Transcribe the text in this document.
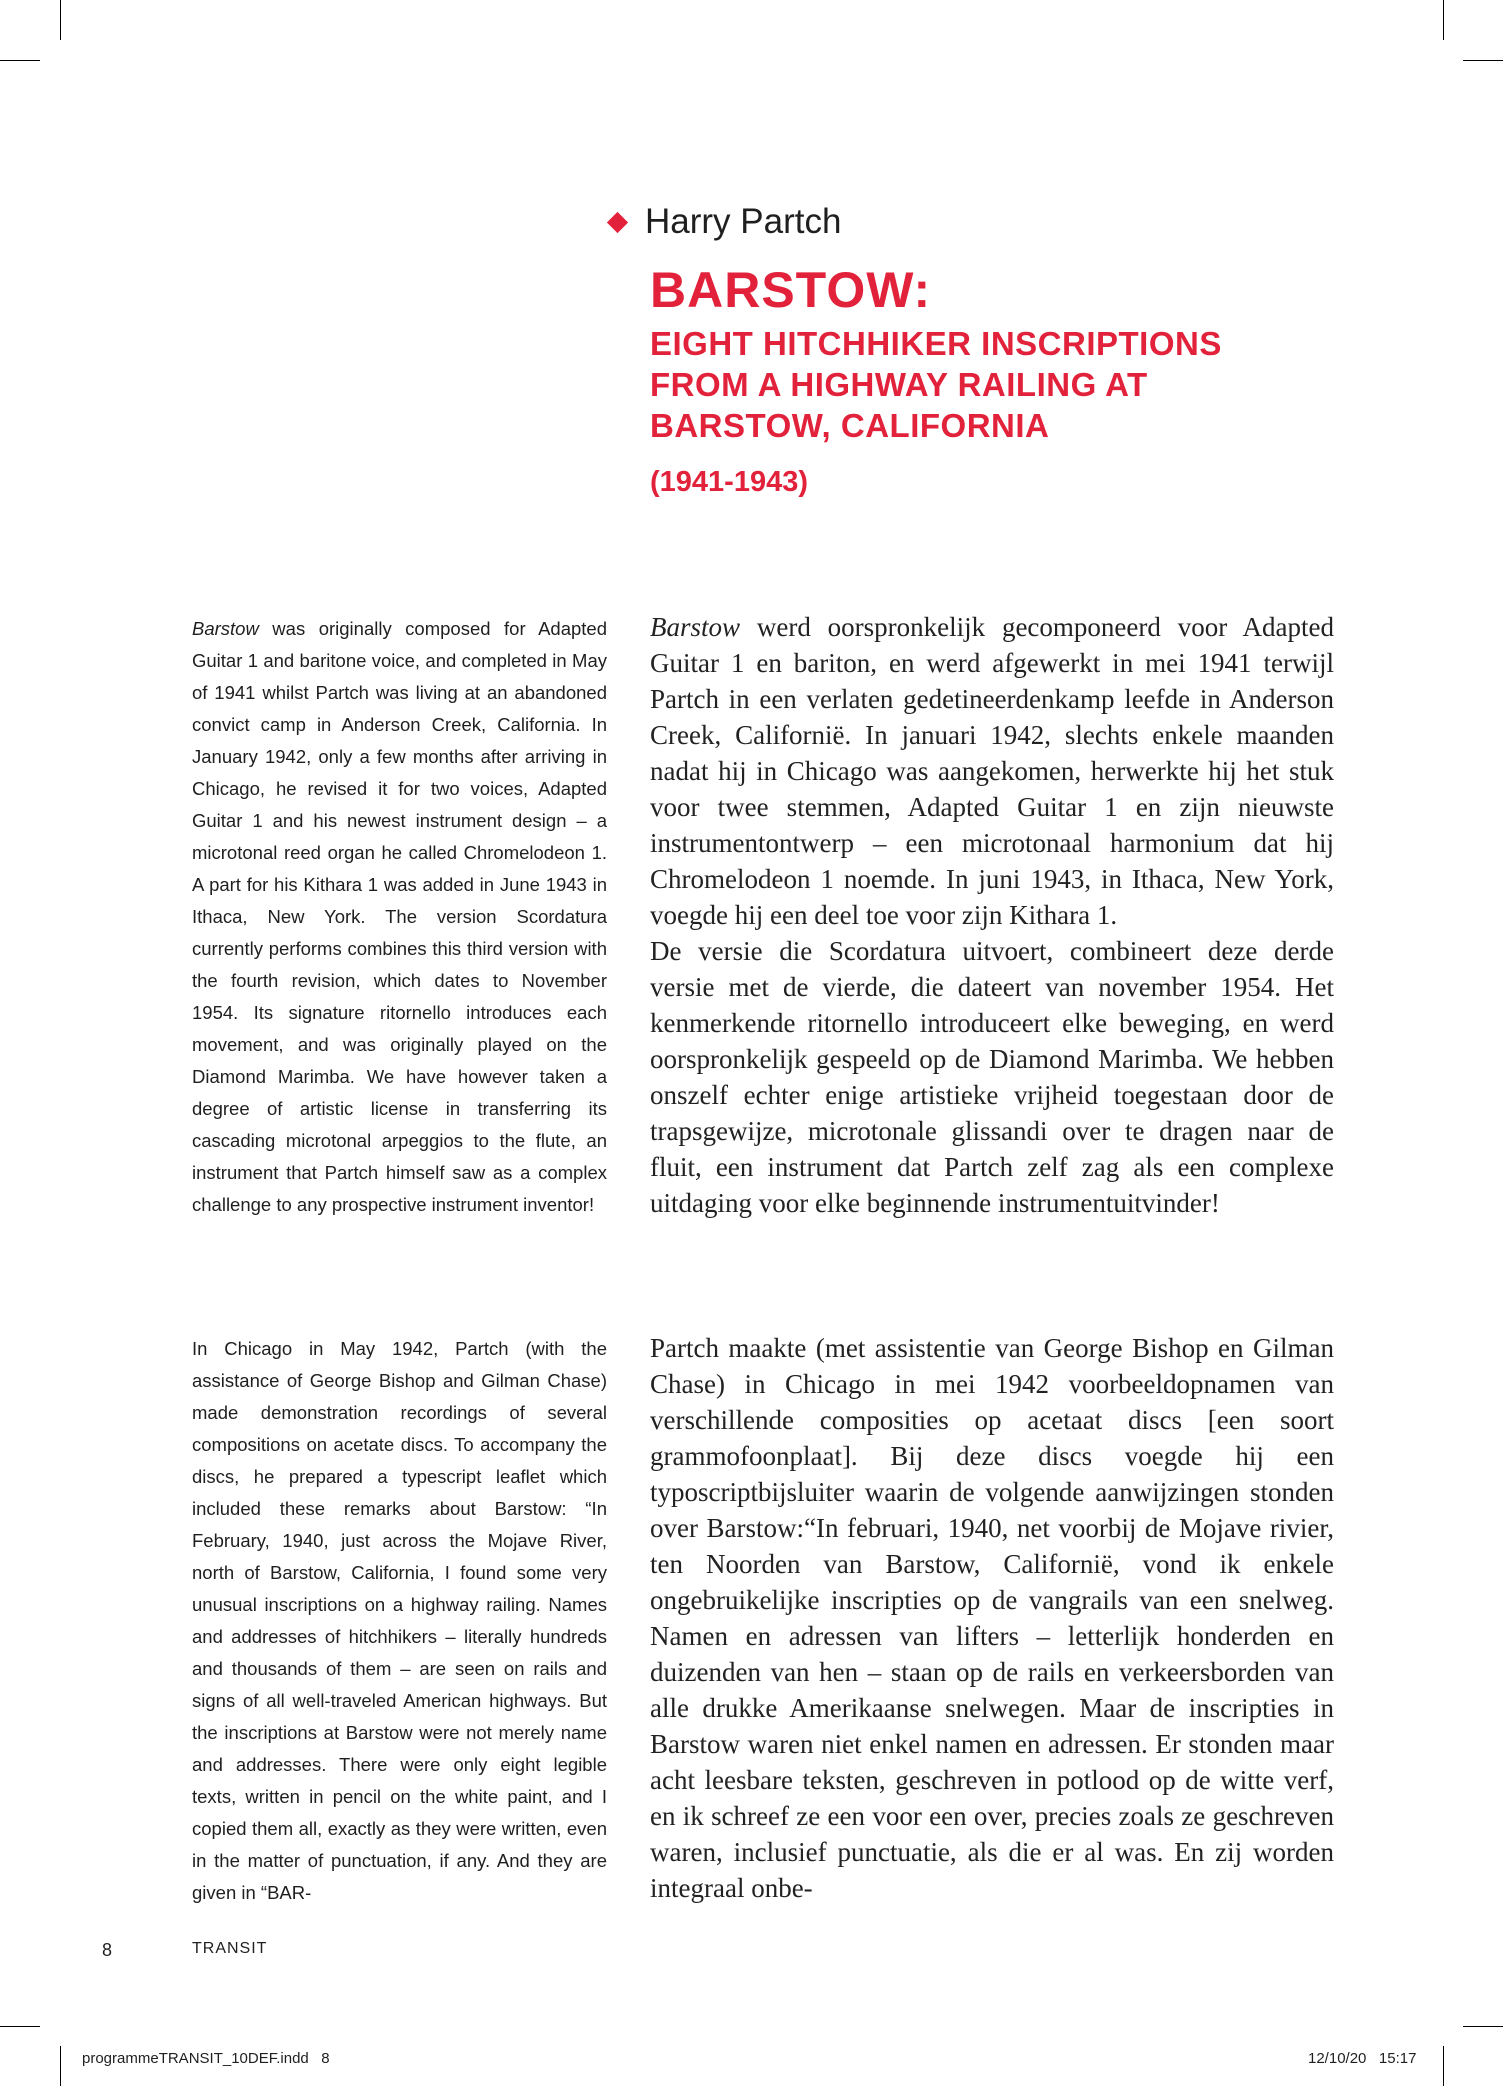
Harry Partch
BARSTOW:
EIGHT HITCHHIKER INSCRIPTIONS
FROM A HIGHWAY RAILING AT
BARSTOW, CALIFORNIA
(1941-1943)

Barstow was originally composed for Adapted Guitar 1 and baritone voice, and completed in May of 1941 whilst Partch was living at an abandoned convict camp in Anderson Creek, California. In January 1942, only a few months after arriving in Chicago, he revised it for two voices, Adapted Guitar 1 and his newest instrument design – a microtonal reed organ he called Chromelodeon 1. A part for his Kithara 1 was added in June 1943 in Ithaca, New York. The version Scordatura currently performs combines this third version with the fourth revision, which dates to November 1954. Its signature ritornello introduces each movement, and was originally played on the Diamond Marimba. We have however taken a degree of artistic license in transferring its cascading microtonal arpeggios to the flute, an instrument that Partch himself saw as a complex challenge to any prospective instrument inventor!

In Chicago in May 1942, Partch (with the assistance of George Bishop and Gilman Chase) made demonstration recordings of several compositions on acetate discs. To accompany the discs, he prepared a typescript leaflet which included these remarks about Barstow: “In February, 1940, just across the Mojave River, north of Barstow, California, I found some very unusual inscriptions on a highway railing. Names and addresses of hitchhikers – literally hundreds and thousands of them – are seen on rails and signs of all well-traveled American highways. But the inscriptions at Barstow were not merely name and addresses. There were only eight legible texts, written in pencil on the white paint, and I copied them all, exactly as they were written, even in the matter of punctuation, if any. And they are given in “BAR-

Barstow werd oorspronkelijk gecomponeerd voor Adapted Guitar 1 en bariton, en werd afgewerkt in mei 1941 terwijl Partch in een verlaten gedetineerdenkamp leefde in Anderson Creek, Californië. In januari 1942, slechts enkele maanden nadat hij in Chicago was aangekomen, herwerkte hij het stuk voor twee stemmen, Adapted Guitar 1 en zijn nieuwste instrumentontwerp – een microtonaal harmonium dat hij Chromelodeon 1 noemde. In juni 1943, in Ithaca, New York, voegde hij een deel toe voor zijn Kithara 1.

De versie die Scordatura uitvoert, combineert deze derde versie met de vierde, die dateert van november 1954. Het kenmerkende ritornello introduceert elke beweging, en werd oorspronkelijk gespeeld op de Diamond Marimba. We hebben onszelf echter enige artistieke vrijheid toegestaan door de trapsgewijze, microtonale glissandi over te dragen naar de fluit, een instrument dat Partch zelf zag als een complexe uitdaging voor elke beginnende instrumentuitvinder!

Partch maakte (met assistentie van George Bishop en Gilman Chase) in Chicago in mei 1942 voorbeeldopnamen van verschillende composities op acetaat discs [een soort grammofoonplaat]. Bij deze discs voegde hij een typoscriptbijsluiter waarin de volgende aanwijzingen stonden over Barstow:“In februari, 1940, net voorbij de Mojave rivier, ten Noorden van Barstow, Californië, vond ik enkele ongebruikelijke inscripties op de vangrails van een snelweg. Namen en adressen van lifters – letterlijk honderden en duizenden van hen – staan op de rails en verkeersborden van alle drukke Amerikaanse snelwegen. Maar de inscripties in Barstow waren niet enkel namen en adressen. Er stonden maar acht leesbare teksten, geschreven in potlood op de witte verf, en ik schreef ze een voor een over, precies zoals ze geschreven waren, inclusief punctuatie, als die er al was. En zij worden integraal onbe-

8	TRANSIT
programmeTRANSIT_10DEF.indd   8	12/10/20   15:17
